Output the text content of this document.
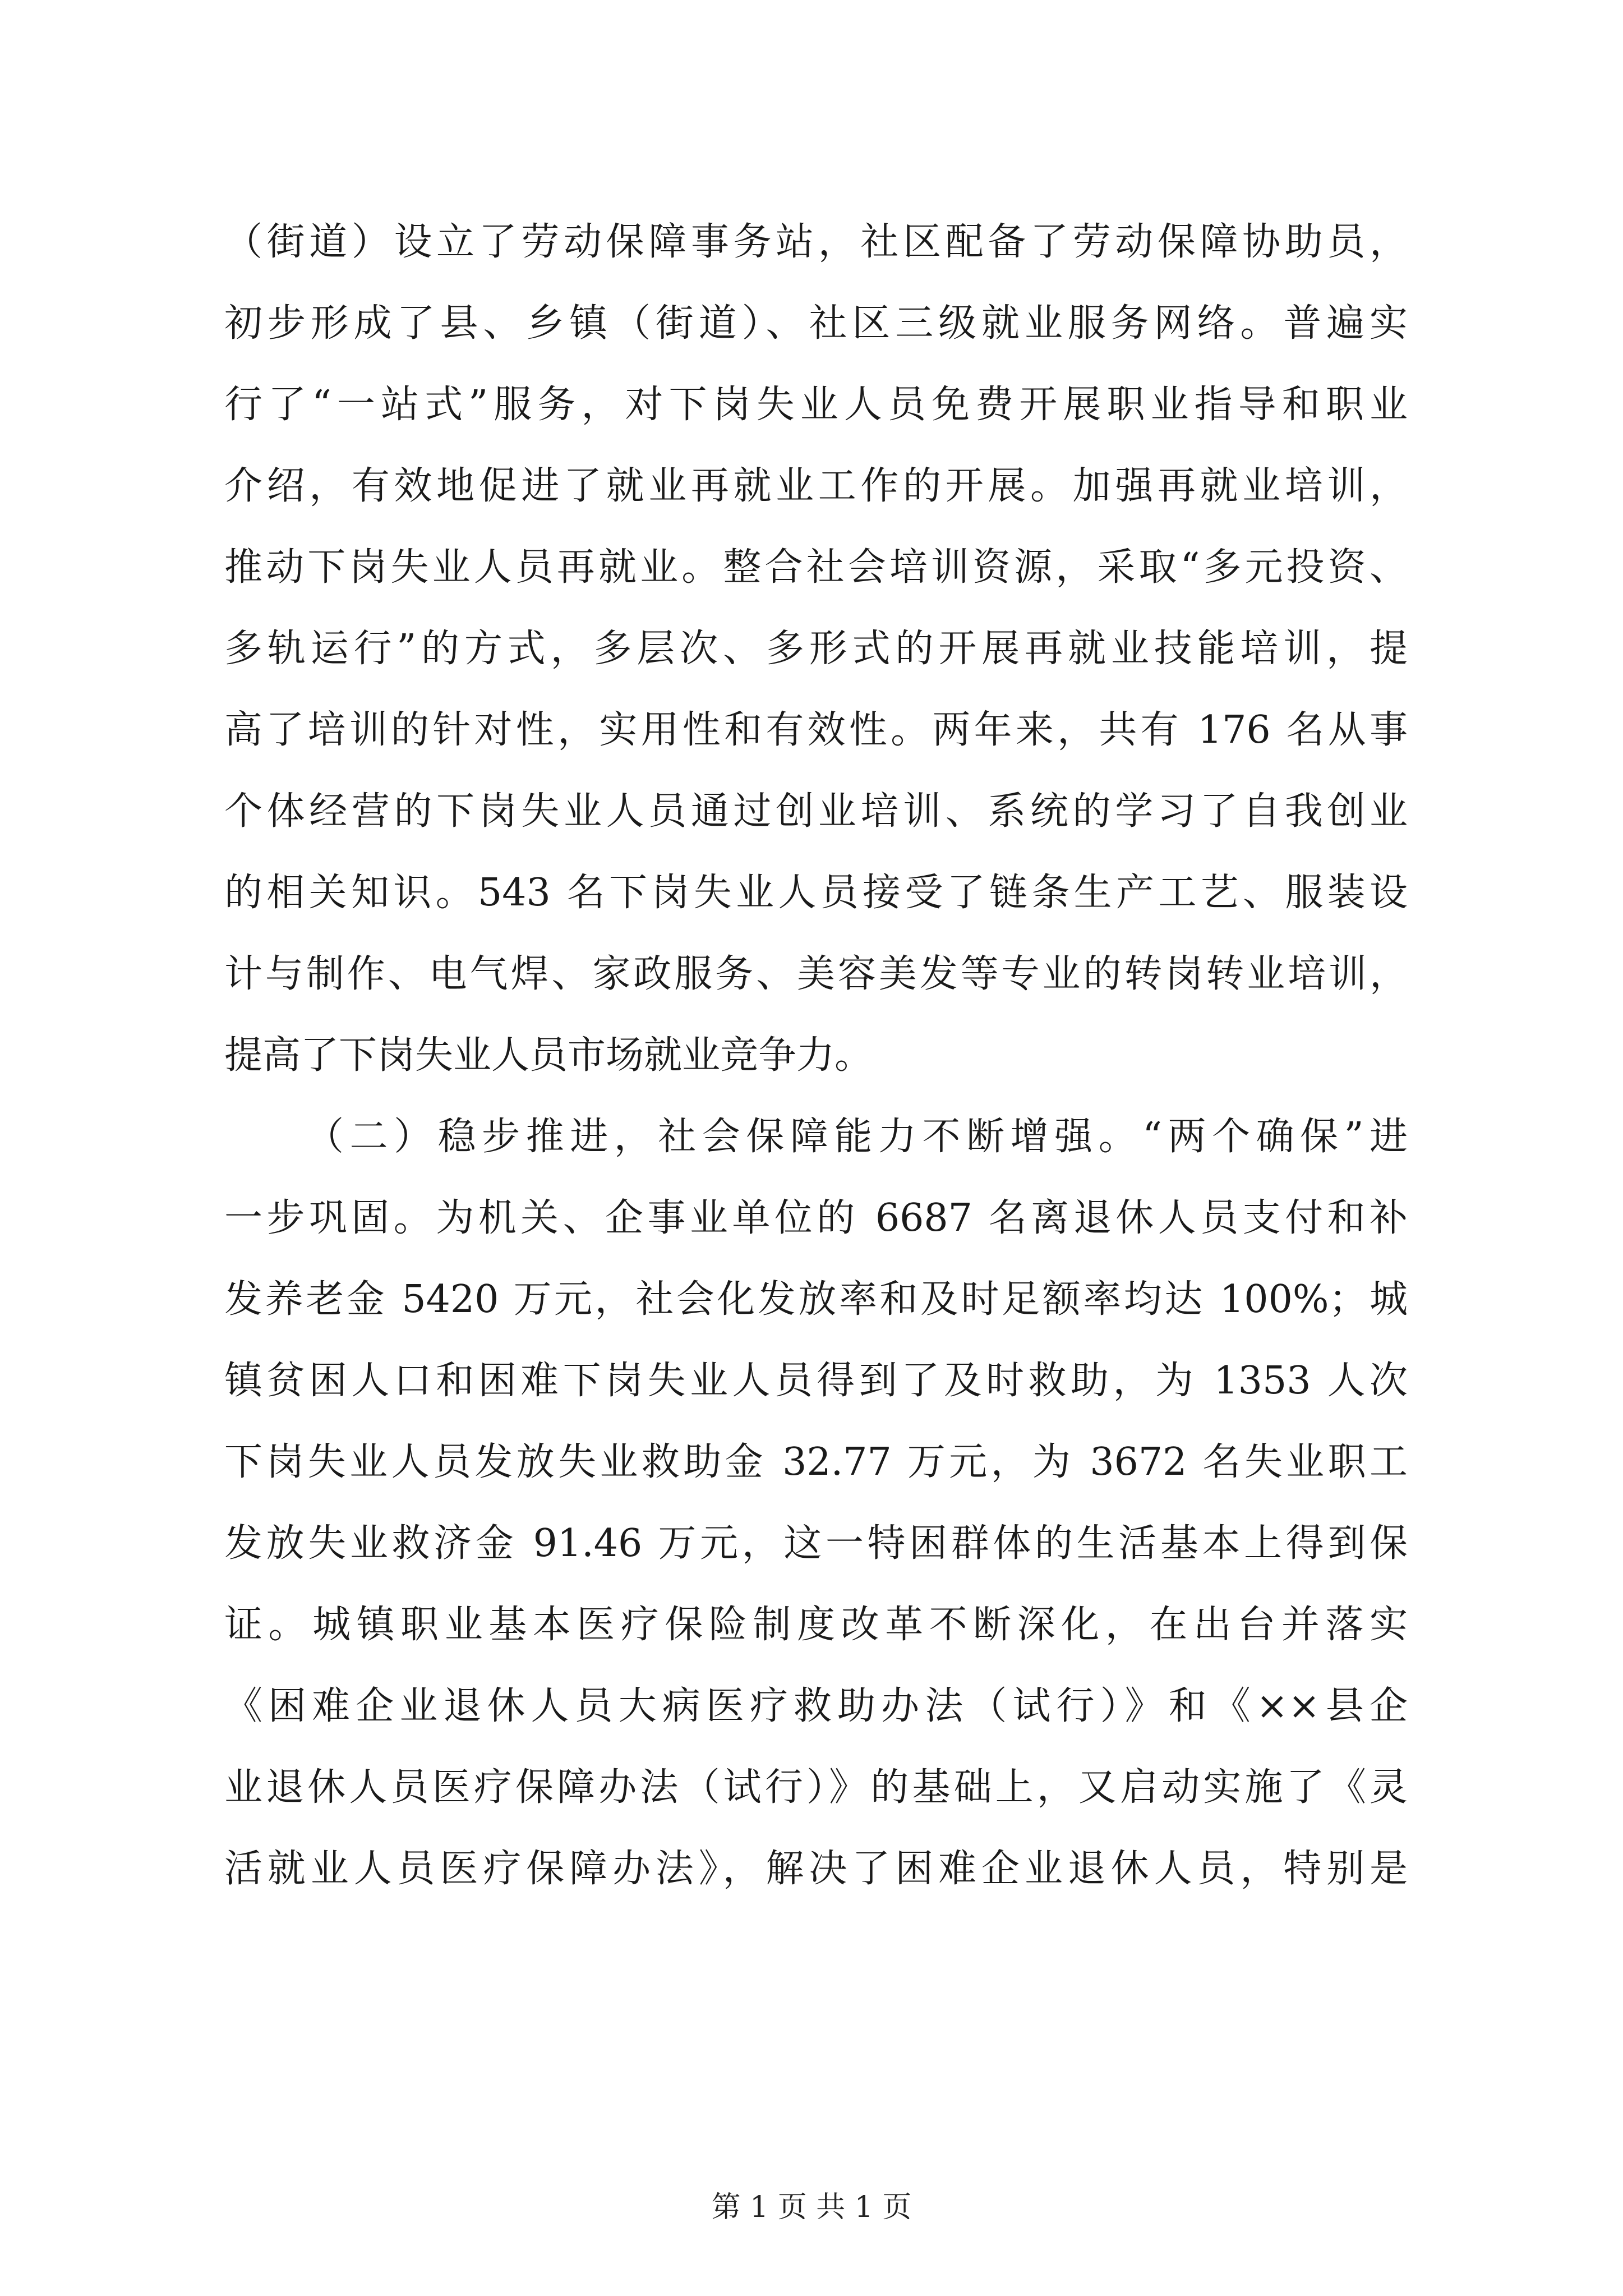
（街道）设立了劳动保障事务站，社区配备了劳动保障协助员，
初步形成了县、乡镇（街道）、社区三级就业服务网络。普遍实
行了“一站式”服务，对下岗失业人员免费开展职业指导和职业
介绍，有效地促进了就业再就业工作的开展。加强再就业培训，
推动下岗失业人员再就业。整合社会培训资源，采取“多元投资、
多轨运行”的方式，多层次、多形式的开展再就业技能培训，提
高了培训的针对性，实用性和有效性。两年来，共有 176 名从事
个体经营的下岗失业人员通过创业培训、系统的学习了自我创业
的相关知识。543 名下岗失业人员接受了链条生产工艺、服装设
计与制作、电气焊、家政服务、美容美发等专业的转岗转业培训，
提高了下岗失业人员市场就业竞争力。
（二）稳步推进，社会保障能力不断增强。“两个确保”进
一步巩固。为机关、企事业单位的 6687 名离退休人员支付和补
发养老金 5420 万元，社会化发放率和及时足额率均达 100%；城
镇贫困人口和困难下岗失业人员得到了及时救助，为 1353 人次
下岗失业人员发放失业救助金 32.77 万元，为 3672 名失业职工
发放失业救济金 91.46 万元，这一特困群体的生活基本上得到保
证。城镇职业基本医疗保险制度改革不断深化，在出台并落实
《困难企业退休人员大病医疗救助办法（试行）》和《××县企
业退休人员医疗保障办法（试行）》的基础上，又启动实施了《灵
活就业人员医疗保障办法》，解决了困难企业退休人员，特别是
第 1 页 共 1 页
